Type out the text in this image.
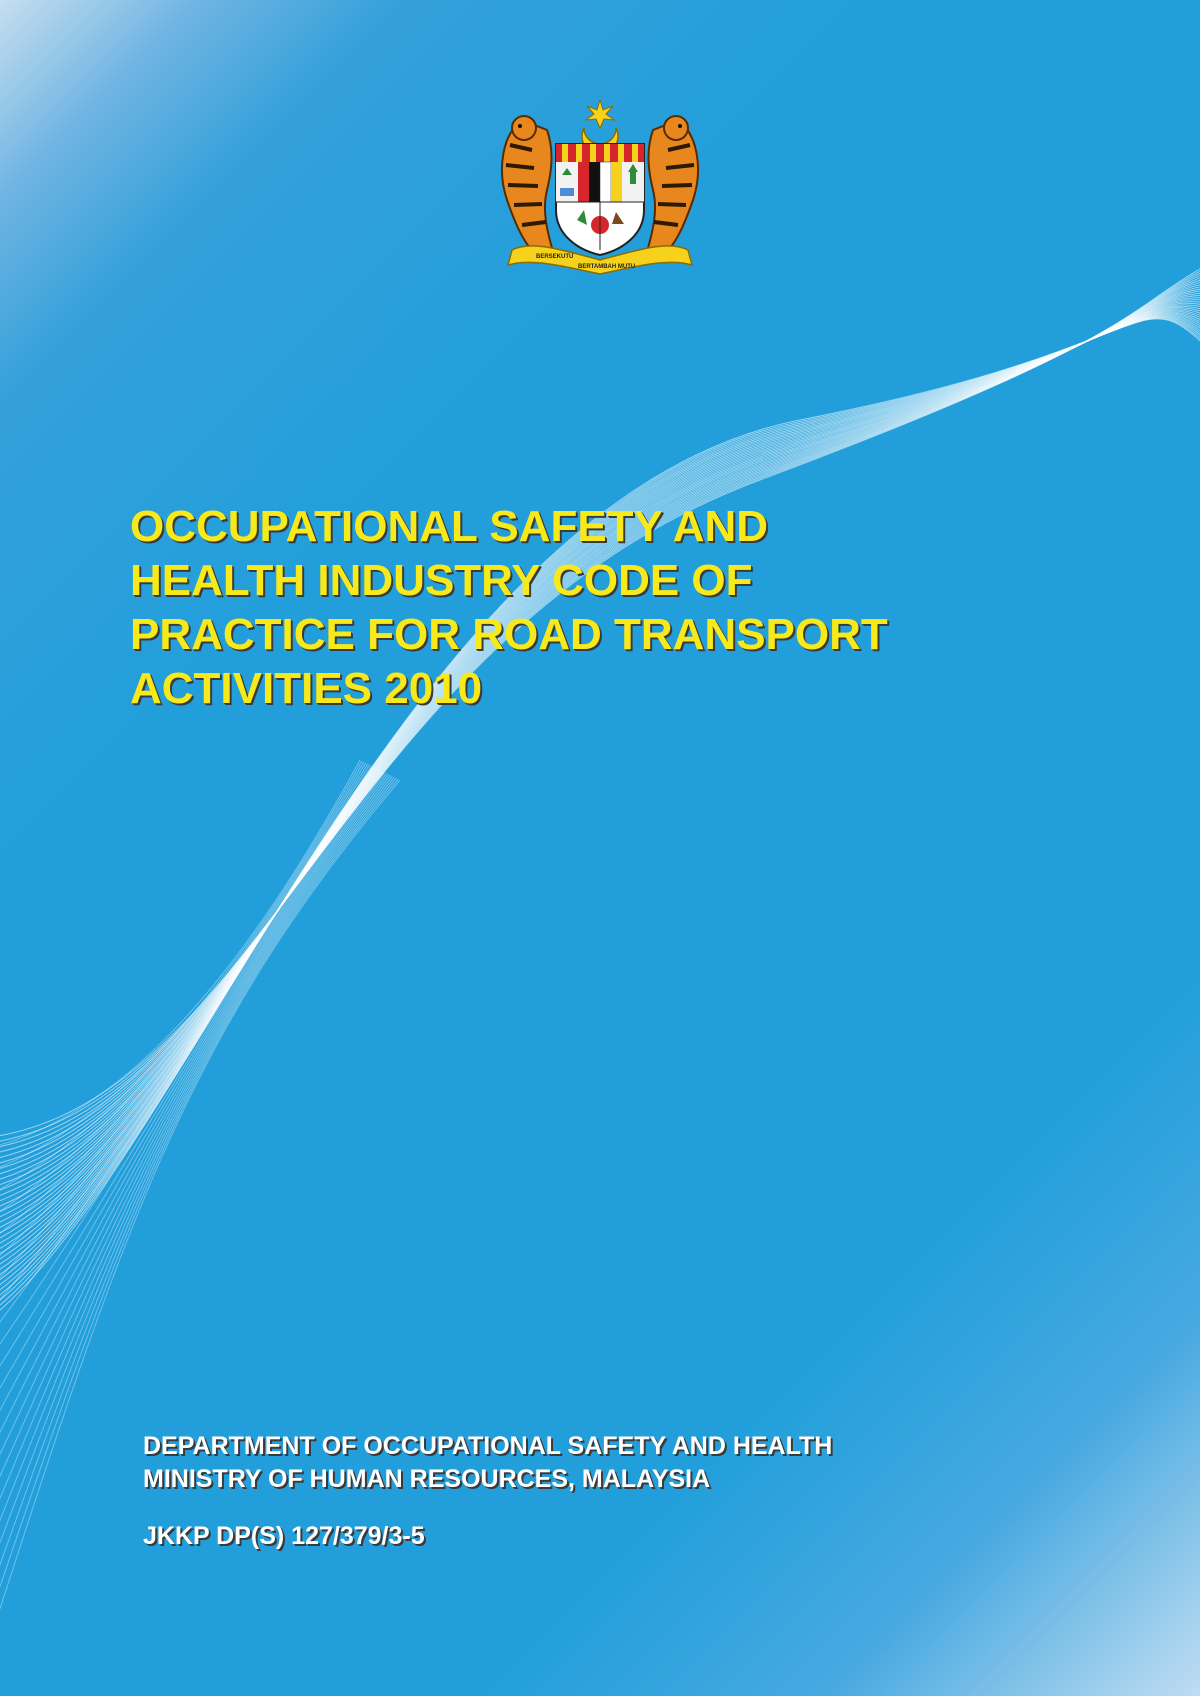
BERSEKUTU
BERTAMBAH MUTU
OCCUPATIONAL SAFETY AND
HEALTH INDUSTRY CODE OF
PRACTICE FOR ROAD TRANSPORT
ACTIVITIES 2010
DEPARTMENT OF OCCUPATIONAL SAFETY AND HEALTH
MINISTRY OF HUMAN RESOURCES, MALAYSIA
JKKP DP(S) 127/379/3-5
